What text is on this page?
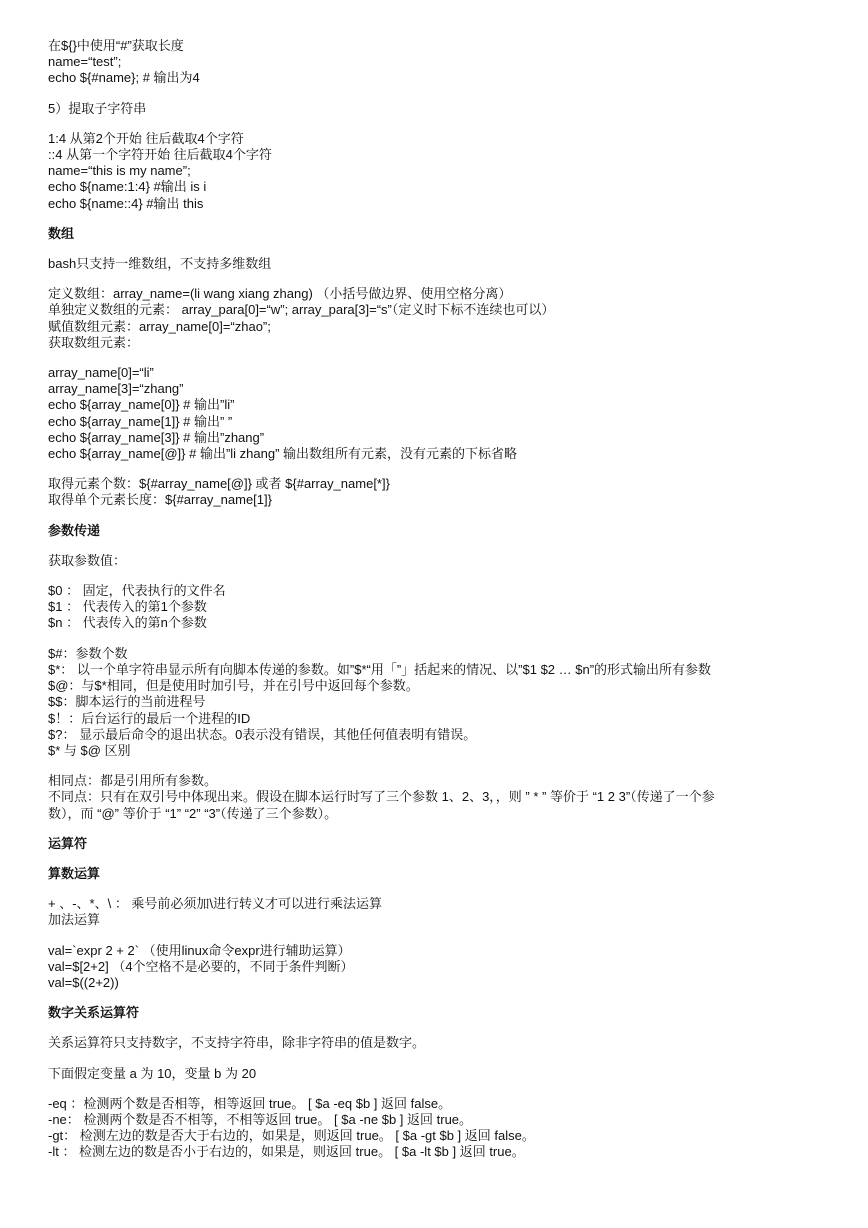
在${}中使用“#”获取长度
name=“test”;
echo ${#name}; # 输出为4
5）提取子字符串
1:4 从第2个开始 往后截取4个字符
::4 从第一个字符开始 往后截取4个字符
name=“this is my name”;
echo ${name:1:4} #输出 is i
echo ${name::4} #输出 this
数组
bash只支持一维数组，不支持多维数组
定义数组：array_name=(li wang xiang zhang) （小括号做边界、使用空格分离）
单独定义数组的元素： array_para[0]=“w”; array_para[3]=“s”（定义时下标不连续也可以）
赋值数组元素：array_name[0]=“zhao”;
获取数组元素：
array_name[0]=“li”
array_name[3]=“zhang”
echo ${array_name[0]} # 输出”li”
echo ${array_name[1]} # 输出” ”
echo ${array_name[3]} # 输出”zhang”
echo ${array_name[@]} # 输出”li zhang” 输出数组所有元素，没有元素的下标省略
取得元素个数：${#array_name[@]} 或者 ${#array_name[*]}
取得单个元素长度：${#array_name[1]}
参数传递
获取参数值：
$0 ： 固定，代表执行的文件名
$1 ： 代表传入的第1个参数
$n ： 代表传入的第n个参数
$#：参数个数
$*： 以一个单字符串显示所有向脚本传递的参数。如”$*“用「”」括起来的情况、以”$1 $2 … $n”的形式输出所有参数
$@：与$*相同，但是使用时加引号，并在引号中返回每个参数。
$$：脚本运行的当前进程号
$！：后台运行的最后一个进程的ID
$?： 显示最后命令的退出状态。0表示没有错误，其他任何值表明有错误。
$* 与 $@ 区别
相同点：都是引用所有参数。
不同点：只有在双引号中体现出来。假设在脚本运行时写了三个参数 1、2、3，，则 ” * ” 等价于 “1 2 3”（传递了一个参
数），而 “@” 等价于 “1” “2” “3”（传递了三个参数）。
运算符
算数运算
+ 、-、*、\ ： 乘号前必须加\进行转义才可以进行乘法运算
加法运算
val=`expr 2 + 2` （使用linux命令expr进行辅助运算）
val=$[2+2] （4个空格不是必要的，不同于条件判断）
val=$((2+2))
数字关系运算符
关系运算符只支持数字，不支持字符串，除非字符串的值是数字。
下面假定变量 a 为 10，变量 b 为 20
-eq ：检测两个数是否相等，相等返回 true。 [ $a -eq $b ] 返回 false。
-ne： 检测两个数是否不相等，不相等返回 true。 [ $a -ne $b ] 返回 true。
-gt： 检测左边的数是否大于右边的，如果是，则返回 true。 [ $a -gt $b ] 返回 false。
-lt ： 检测左边的数是否小于右边的，如果是，则返回 true。 [ $a -lt $b ] 返回 true。
